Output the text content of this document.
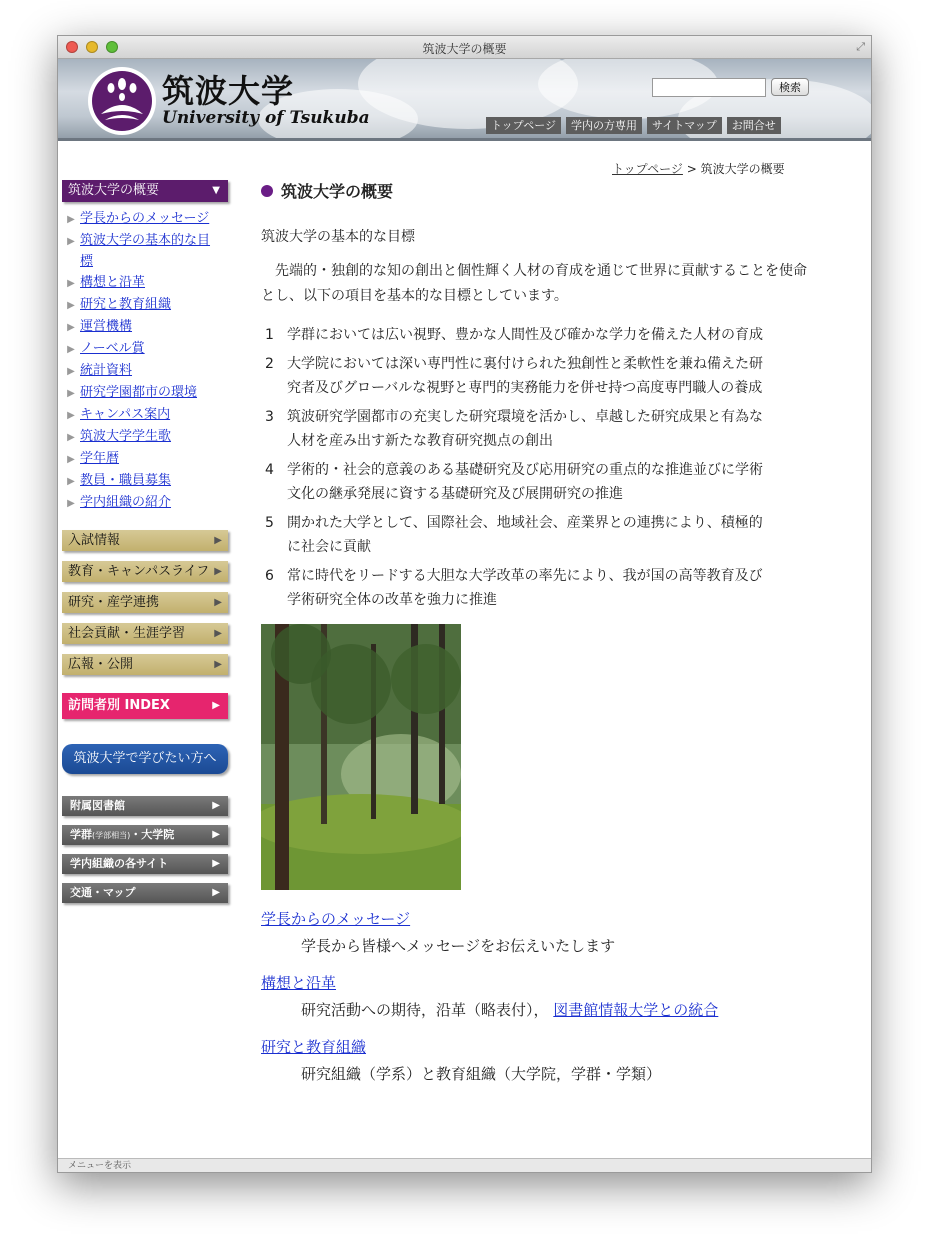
筑波大学の概要	⤢
筑波大学
University of Tsukuba
検索
トップページ	学内の方専用	サイトマップ	お問合せ
トップページ > 筑波大学の概要
筑波大学の概要	▼
▶ 学長からのメッセージ
▶ 筑波大学の基本的な目標
▶ 構想と沿革
▶ 研究と教育組織
▶ 運営機構
▶ ノーベル賞
▶ 統計資料
▶ 研究学園都市の環境
▶ キャンパス案内
▶ 筑波大学学生歌
▶ 学年暦
▶ 教員・職員募集
▶ 学内組織の紹介
入試情報	▶
教育・キャンパスライフ ▶
研究・産学連携	▶
社会貢献・生涯学習	▶
広報・公開	▶
訪問者別 INDEX	▶
筑波大学で学びたい方へ
附属図書館	▶
学群(学部相当)・大学院	▶
学内組織の各サイト	▶
交通・マップ	▶
筑波大学の概要
筑波大学の基本的な目標
先端的・独創的な知の創出と個性輝く人材の育成を通じて世界に貢献することを使命とし、以下の項目を基本的な目標としています。
1 学群においては広い視野、豊かな人間性及び確かな学力を備えた人材の育成
2 大学院においては深い専門性に裏付けられた独創性と柔軟性を兼ね備えた研究者及びグローバルな視野と専門的実務能力を併せ持つ高度専門職人の養成
3 筑波研究学園都市の充実した研究環境を活かし、卓越した研究成果と有為な人材を産み出す新たな教育研究拠点の創出
4 学術的・社会的意義のある基礎研究及び応用研究の重点的な推進並びに学術文化の継承発展に資する基礎研究及び展開研究の推進
5 開かれた大学として、国際社会、地域社会、産業界との連携により、積極的に社会に貢献
6 常に時代をリードする大胆な大学改革の率先により、我が国の高等教育及び学術研究全体の改革を強力に推進
学長からのメッセージ
学長から皆様へメッセージをお伝えいたします
構想と沿革
研究活動への期待，沿革（略表付）， 図書館情報大学との統合
研究と教育組織
研究組織（学系）と教育組織（大学院，学群・学類）
メニューを表示
